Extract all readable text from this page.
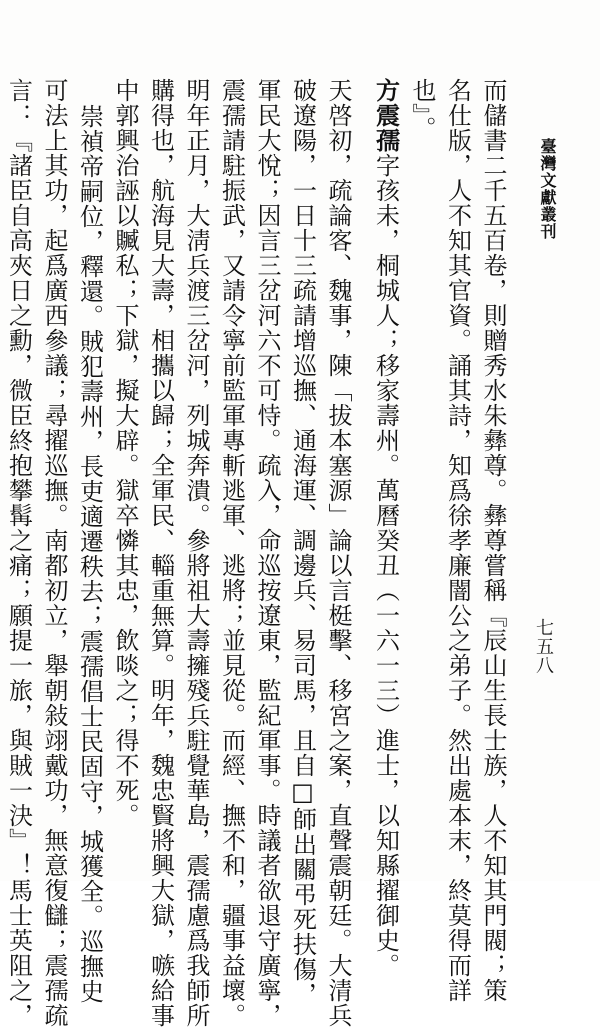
臺灣文獻叢刊
七五八
而儲書二千五百卷，則贈秀水朱彝尊。彝尊嘗稱『辰山生長士族，人不知其門閥；策
名仕版，人不知其官資。誦其詩，知爲徐孝廉闇公之弟子。然出處本末，終莫得而詳
也』。
方震孺字孩未，桐城人；移家壽州。萬曆癸丑（一六一三）進士，以知縣擢御史。
天啓初，疏論客、魏事，陳「拔本塞源」論以言梃擊、移宮之案，直聲震朝廷。大清兵
破遼陽，一日十三疏請增巡撫、通海運、調邊兵、易司馬，且自□師出關弔死扶傷，
軍民大悅；因言三岔河六不可恃。疏入，命巡按遼東，監紀軍事。時議者欲退守廣寧，
震孺請駐振武，又請令寧前監軍專斬逃軍、逃將；並見從。而經、撫不和，疆事益壞。
明年正月，大淸兵渡三岔河，列城奔潰。參將祖大壽擁殘兵駐覺華島，震孺慮爲我師所
購得也，航海見大壽，相攜以歸；全軍民、輜重無算。明年，魏忠賢將興大獄，嗾給事
中郭興治誣以贓私；下獄，擬大辟。獄卒憐其忠，飲啖之；得不死。
崇禎帝嗣位，釋還。賊犯壽州，長吏適遷秩去；震孺倡士民固守，城獲全。巡撫史
可法上其功，起爲廣西參議；尋擢巡撫。南都初立，舉朝敍翊戴功，無意復讎；震孺疏
言：『諸臣自高夾日之勳，微臣終抱攀髯之痛；願提一旅，與賊一決』！馬士英阻之，
